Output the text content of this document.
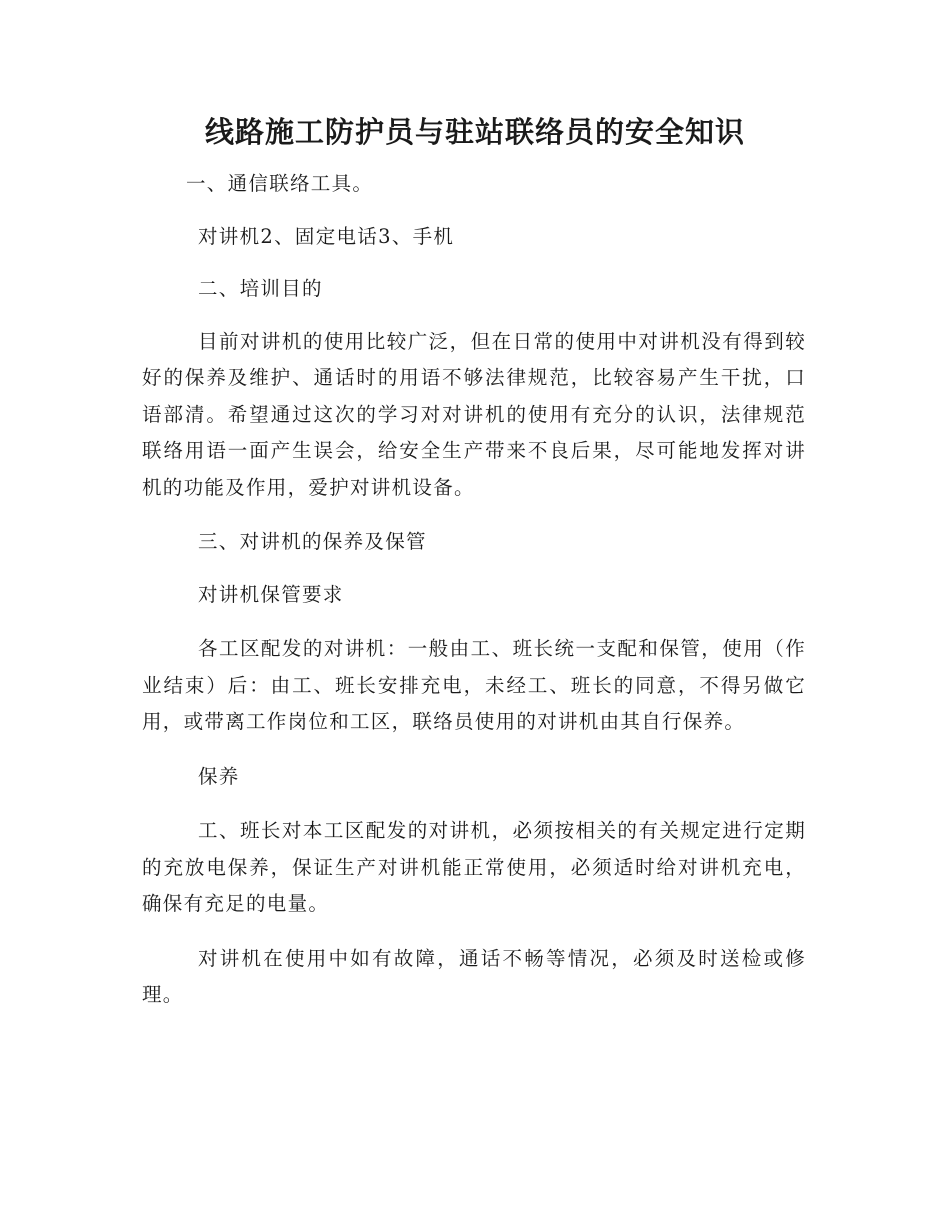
线路施工防护员与驻站联络员的安全知识

一、通信联络工具。

对讲机2、固定电话3、手机

二、培训目的

目前对讲机的使用比较广泛，但在日常的使用中对讲机没有得到较好的保养及维护、通话时的用语不够法律规范，比较容易产生干扰，口语部清。希望通过这次的学习对对讲机的使用有充分的认识，法律规范联络用语一面产生误会，给安全生产带来不良后果，尽可能地发挥对讲机的功能及作用，爱护对讲机设备。

三、对讲机的保养及保管

对讲机保管要求

各工区配发的对讲机：一般由工、班长统一支配和保管，使用（作业结束）后：由工、班长安排充电，未经工、班长的同意，不得另做它用，或带离工作岗位和工区，联络员使用的对讲机由其自行保养。

保养

工、班长对本工区配发的对讲机，必须按相关的有关规定进行定期的充放电保养，保证生产对讲机能正常使用，必须适时给对讲机充电，确保有充足的电量。

对讲机在使用中如有故障，通话不畅等情况，必须及时送检或修理。
